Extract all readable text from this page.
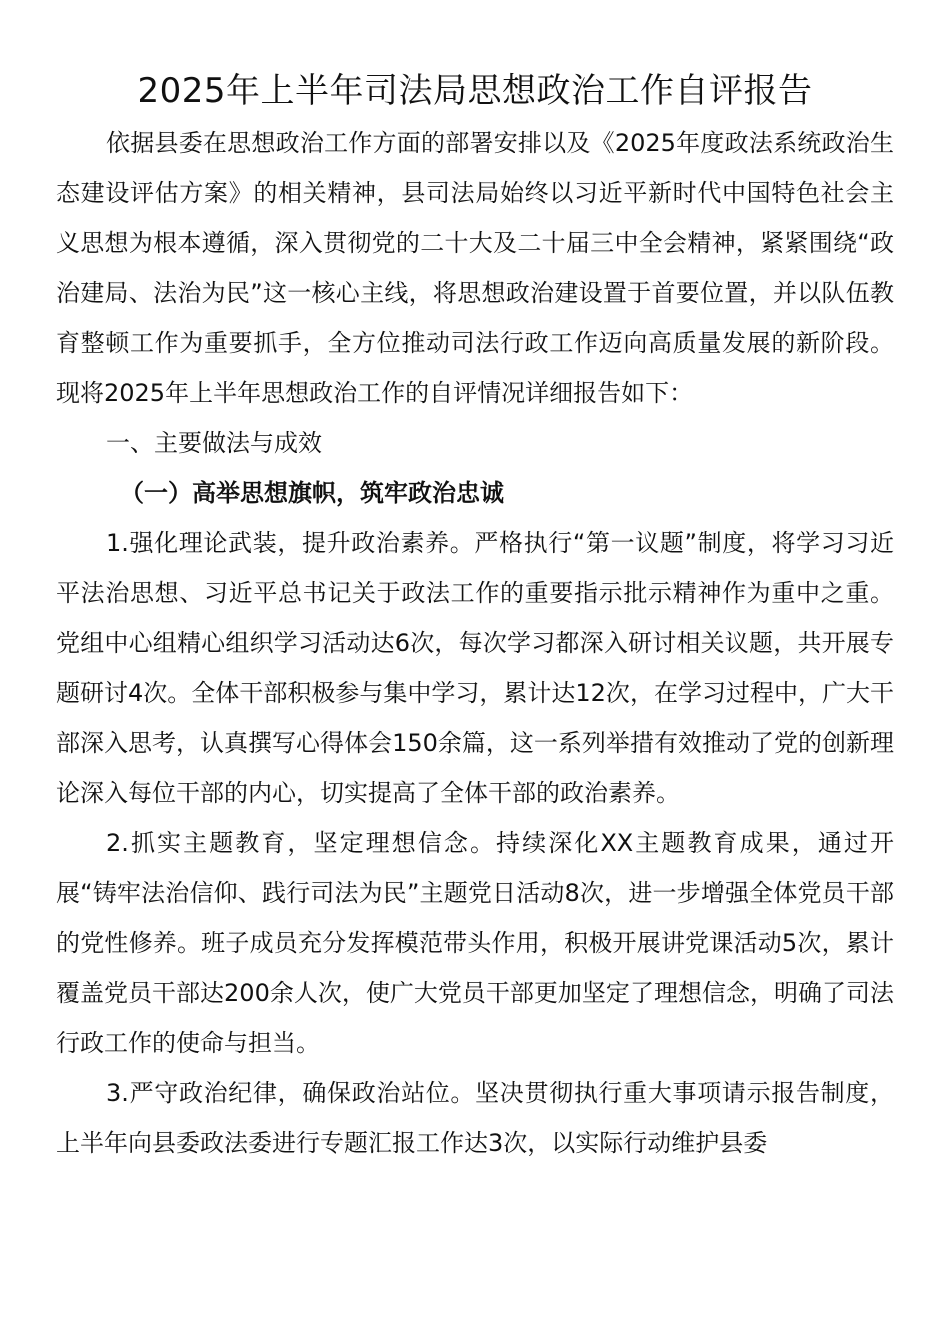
2025年上半年司法局思想政治工作自评报告

依据县委在思想政治工作方面的部署安排以及《2025年度政法系统政治生态建设评估方案》的相关精神，县司法局始终以习近平新时代中国特色社会主义思想为根本遵循，深入贯彻党的二十大及二十届三中全会精神，紧紧围绕“政治建局、法治为民”这一核心主线，将思想政治建设置于首要位置，并以队伍教育整顿工作为重要抓手，全方位推动司法行政工作迈向高质量发展的新阶段。现将2025年上半年思想政治工作的自评情况详细报告如下：

一、主要做法与成效

（一）高举思想旗帜，筑牢政治忠诚

1.强化理论武装，提升政治素养。严格执行“第一议题”制度，将学习习近平法治思想、习近平总书记关于政法工作的重要指示批示精神作为重中之重。党组中心组精心组织学习活动达6次，每次学习都深入研讨相关议题，共开展专题研讨4次。全体干部积极参与集中学习，累计达12次，在学习过程中，广大干部深入思考，认真撰写心得体会150余篇，这一系列举措有效推动了党的创新理论深入每位干部的内心，切实提高了全体干部的政治素养。

2.抓实主题教育，坚定理想信念。持续深化XX主题教育成果，通过开展“铸牢法治信仰、践行司法为民”主题党日活动8次，进一步增强全体党员干部的党性修养。班子成员充分发挥模范带头作用，积极开展讲党课活动5次，累计覆盖党员干部达200余人次，使广大党员干部更加坚定了理想信念，明确了司法行政工作的使命与担当。

3.严守政治纪律，确保政治站位。坚决贯彻执行重大事项请示报告制度，上半年向县委政法委进行专题汇报工作达3次，以实际行动维护县委
